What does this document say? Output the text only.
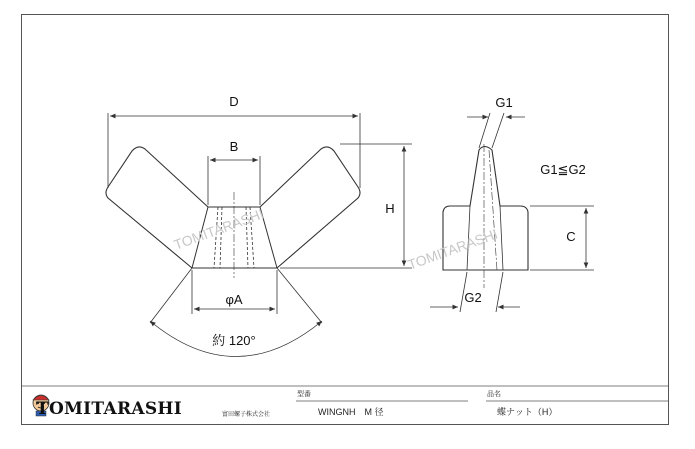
D
B
H
φA
約 120°
TOMITARASHI
G1
G1≦G2
C
G2
TOMITARASHI
TOMITARASHI	富田螺子株式会社
型番
WINGNH　M 径
品名
蝶ナット（H）
